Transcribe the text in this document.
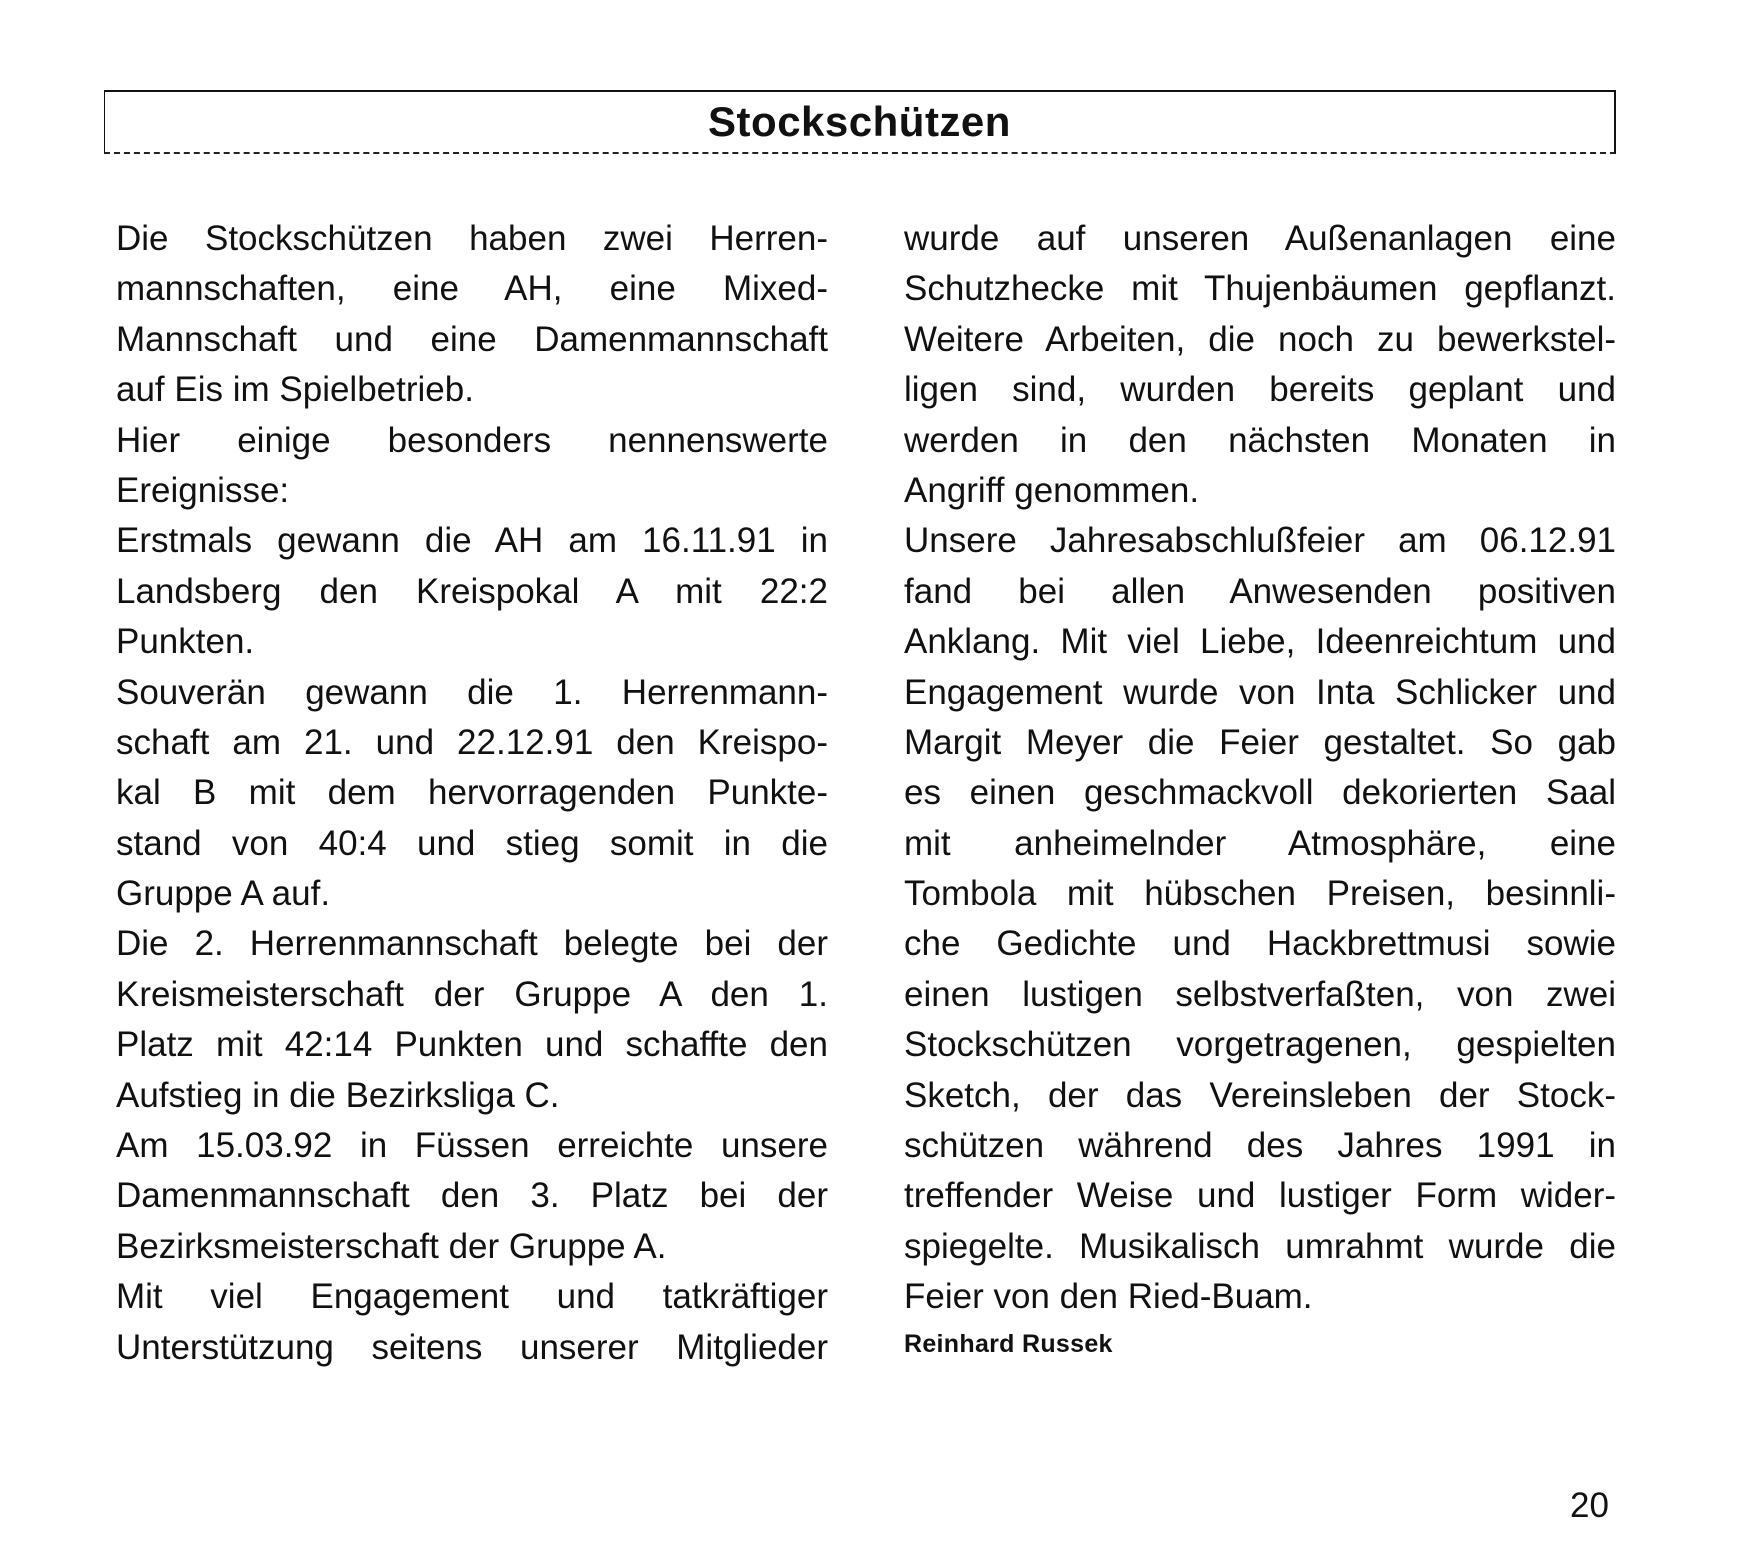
Stockschützen
Die Stockschützen haben zwei Herren-
mannschaften, eine AH, eine Mixed-
Mannschaft und eine Damenmannschaft
auf Eis im Spielbetrieb.
Hier einige besonders nennenswerte
Ereignisse:
Erstmals gewann die AH am 16.11.91 in
Landsberg den Kreispokal A mit 22:2
Punkten.
Souverän gewann die 1. Herrenmann-
schaft am 21. und 22.12.91 den Kreispo-
kal B mit dem hervorragenden Punkte-
stand von 40:4 und stieg somit in die
Gruppe A auf.
Die 2. Herrenmannschaft belegte bei der
Kreismeisterschaft der Gruppe A den 1.
Platz mit 42:14 Punkten und schaffte den
Aufstieg in die Bezirksliga C.
Am 15.03.92 in Füssen erreichte unsere
Damenmannschaft den 3. Platz bei der
Bezirksmeisterschaft der Gruppe A.
Mit viel Engagement und tatkräftiger
Unterstützung seitens unserer Mitglieder
wurde auf unseren Außenanlagen eine
Schutzhecke mit Thujenbäumen gepflanzt.
Weitere Arbeiten, die noch zu bewerkstel-
ligen sind, wurden bereits geplant und
werden in den nächsten Monaten in
Angriff genommen.
Unsere Jahresabschlußfeier am 06.12.91
fand bei allen Anwesenden positiven
Anklang. Mit viel Liebe, Ideenreichtum und
Engagement wurde von Inta Schlicker und
Margit Meyer die Feier gestaltet. So gab
es einen geschmackvoll dekorierten Saal
mit anheimelnder Atmosphäre, eine
Tombola mit hübschen Preisen, besinnli-
che Gedichte und Hackbrettmusi sowie
einen lustigen selbstverfaßten, von zwei
Stockschützen vorgetragenen, gespielten
Sketch, der das Vereinsleben der Stock-
schützen während des Jahres 1991 in
treffender Weise und lustiger Form wider-
spiegelte. Musikalisch umrahmt wurde die
Feier von den Ried-Buam.
Reinhard Russek
20
